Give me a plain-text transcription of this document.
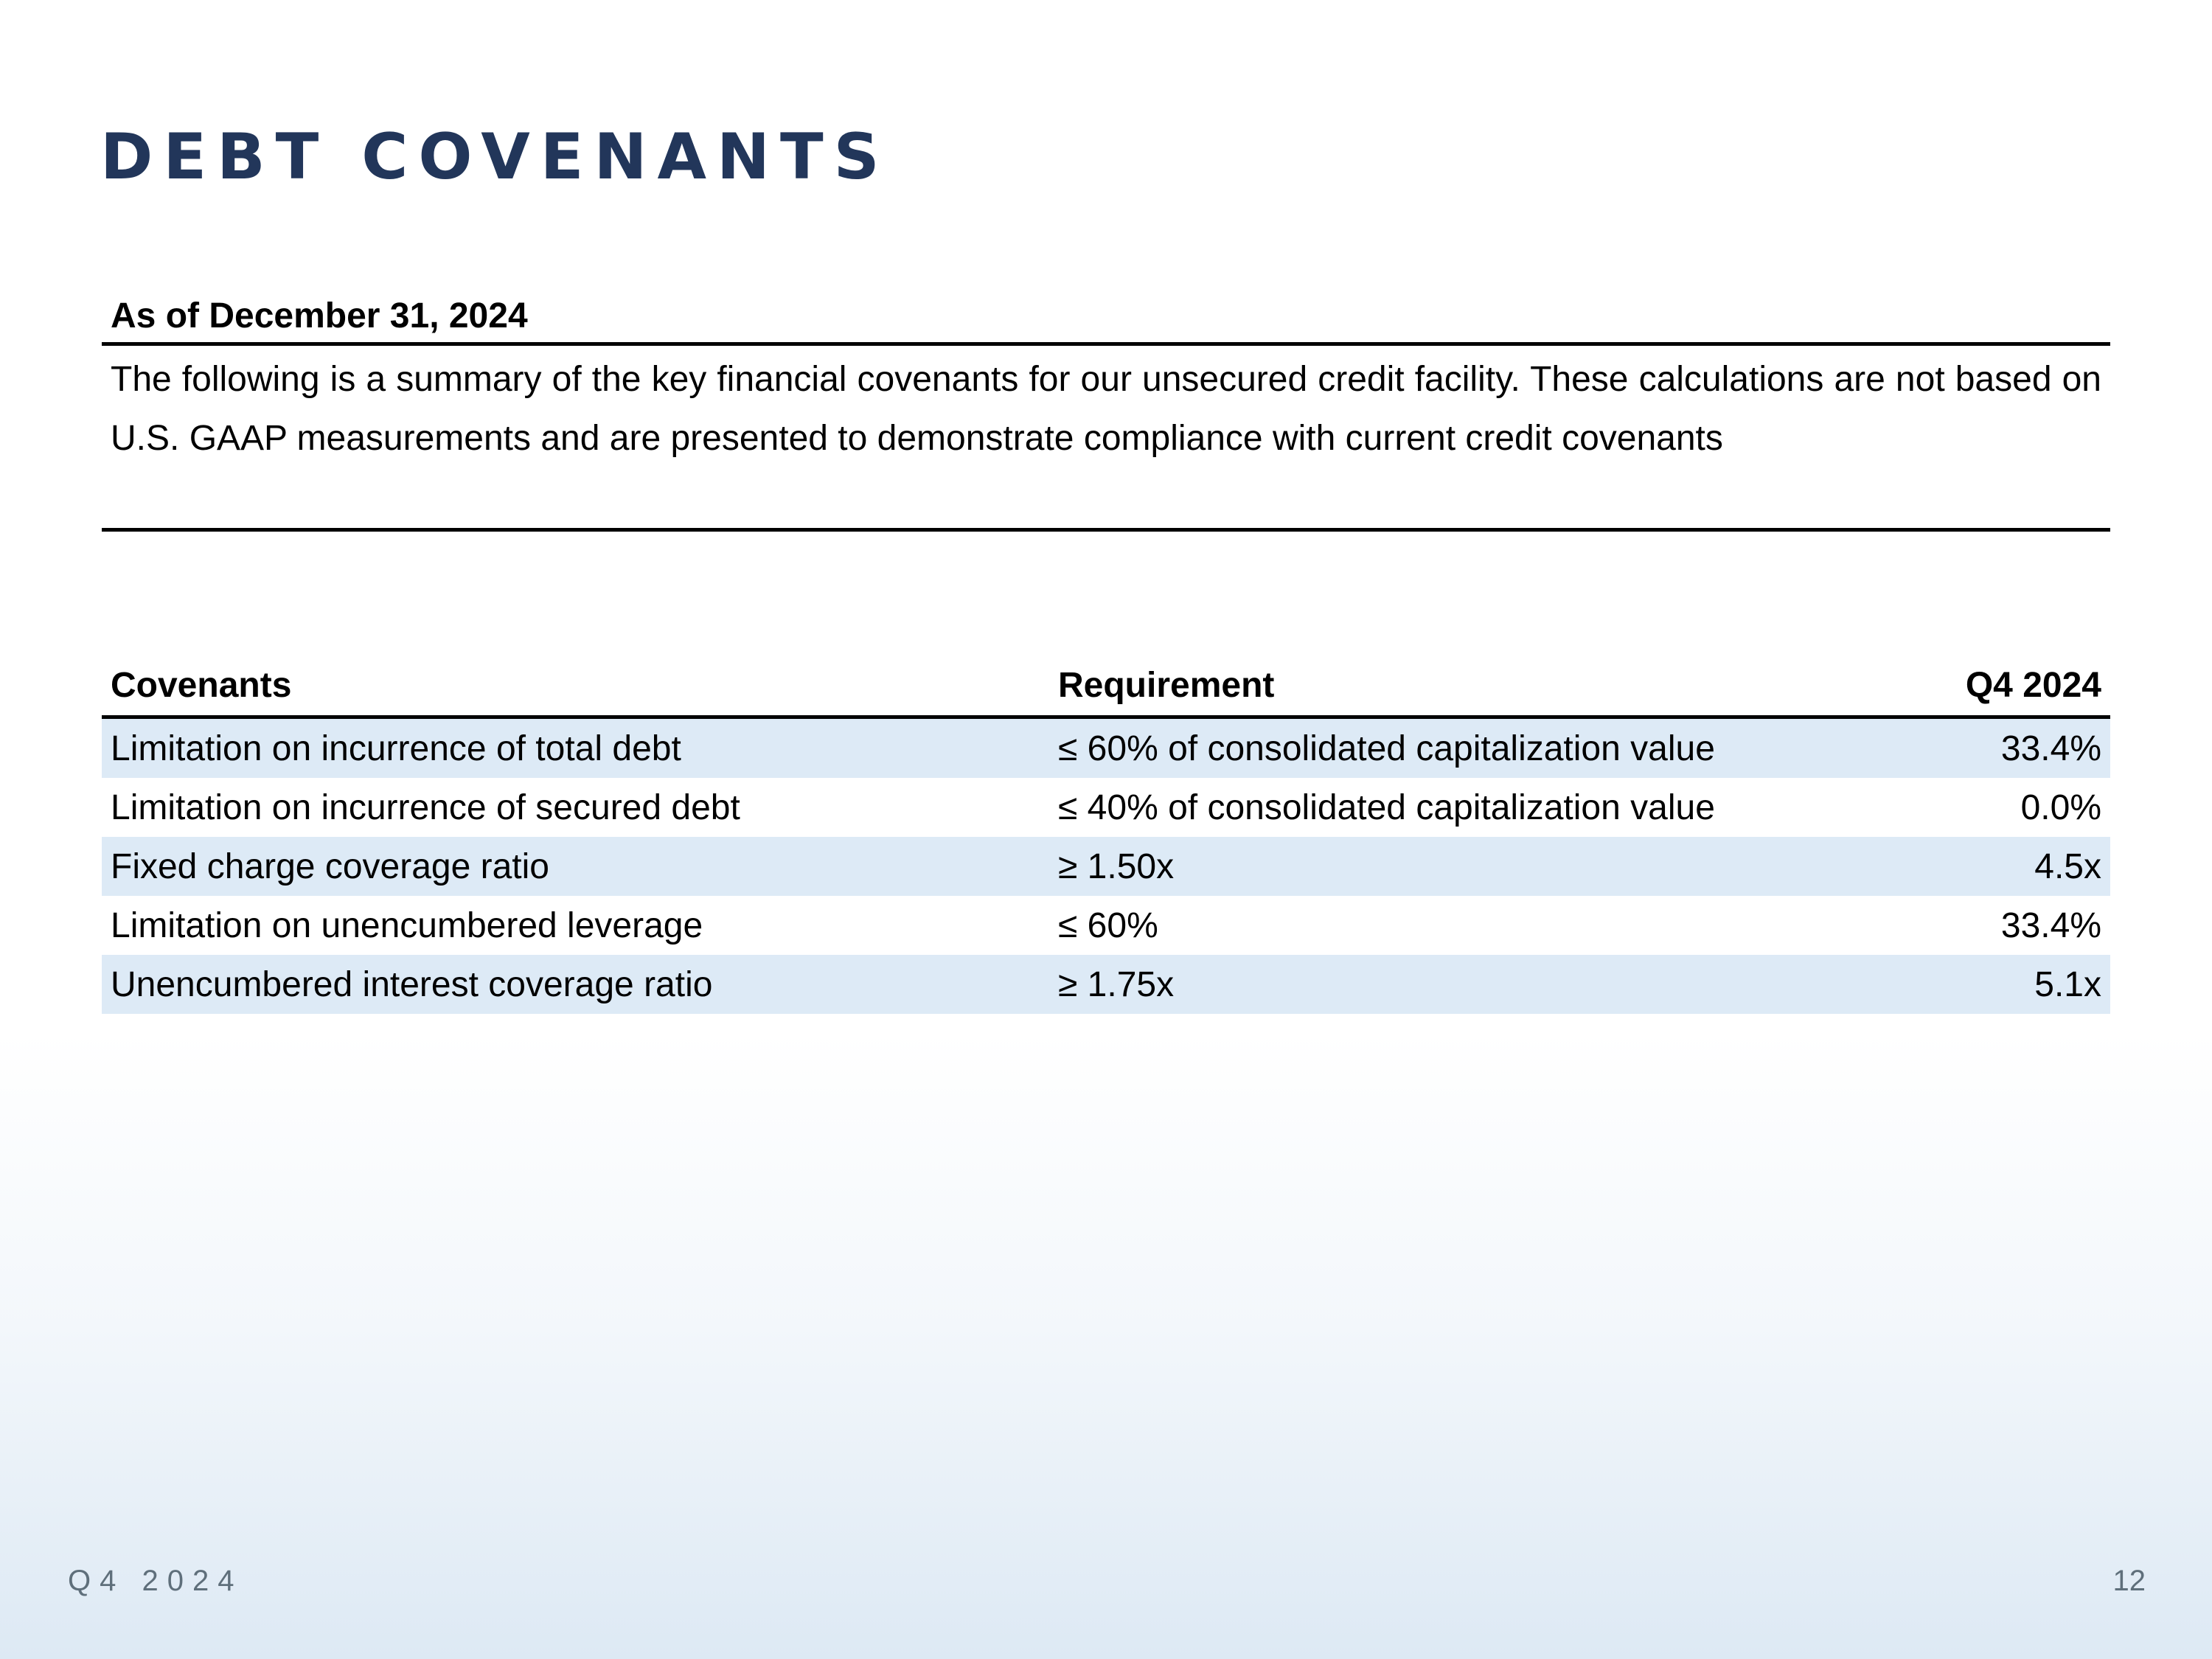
DEBT COVENANTS
As of December 31, 2024

The following is a summary of the key financial covenants for our unsecured credit facility. These calculations are not based on U.S. GAAP measurements and are presented to demonstrate compliance with current credit covenants

Covenants	Requirement	Q4 2024
Limitation on incurrence of total debt	≤ 60% of consolidated capitalization value	33.4%
Limitation on incurrence of secured debt	≤ 40% of consolidated capitalization value	0.0%
Fixed charge coverage ratio	≥ 1.50x	4.5x
Limitation on unencumbered leverage	≤ 60%	33.4%
Unencumbered interest coverage ratio	≥ 1.75x	5.1x
Q4 2024	12
